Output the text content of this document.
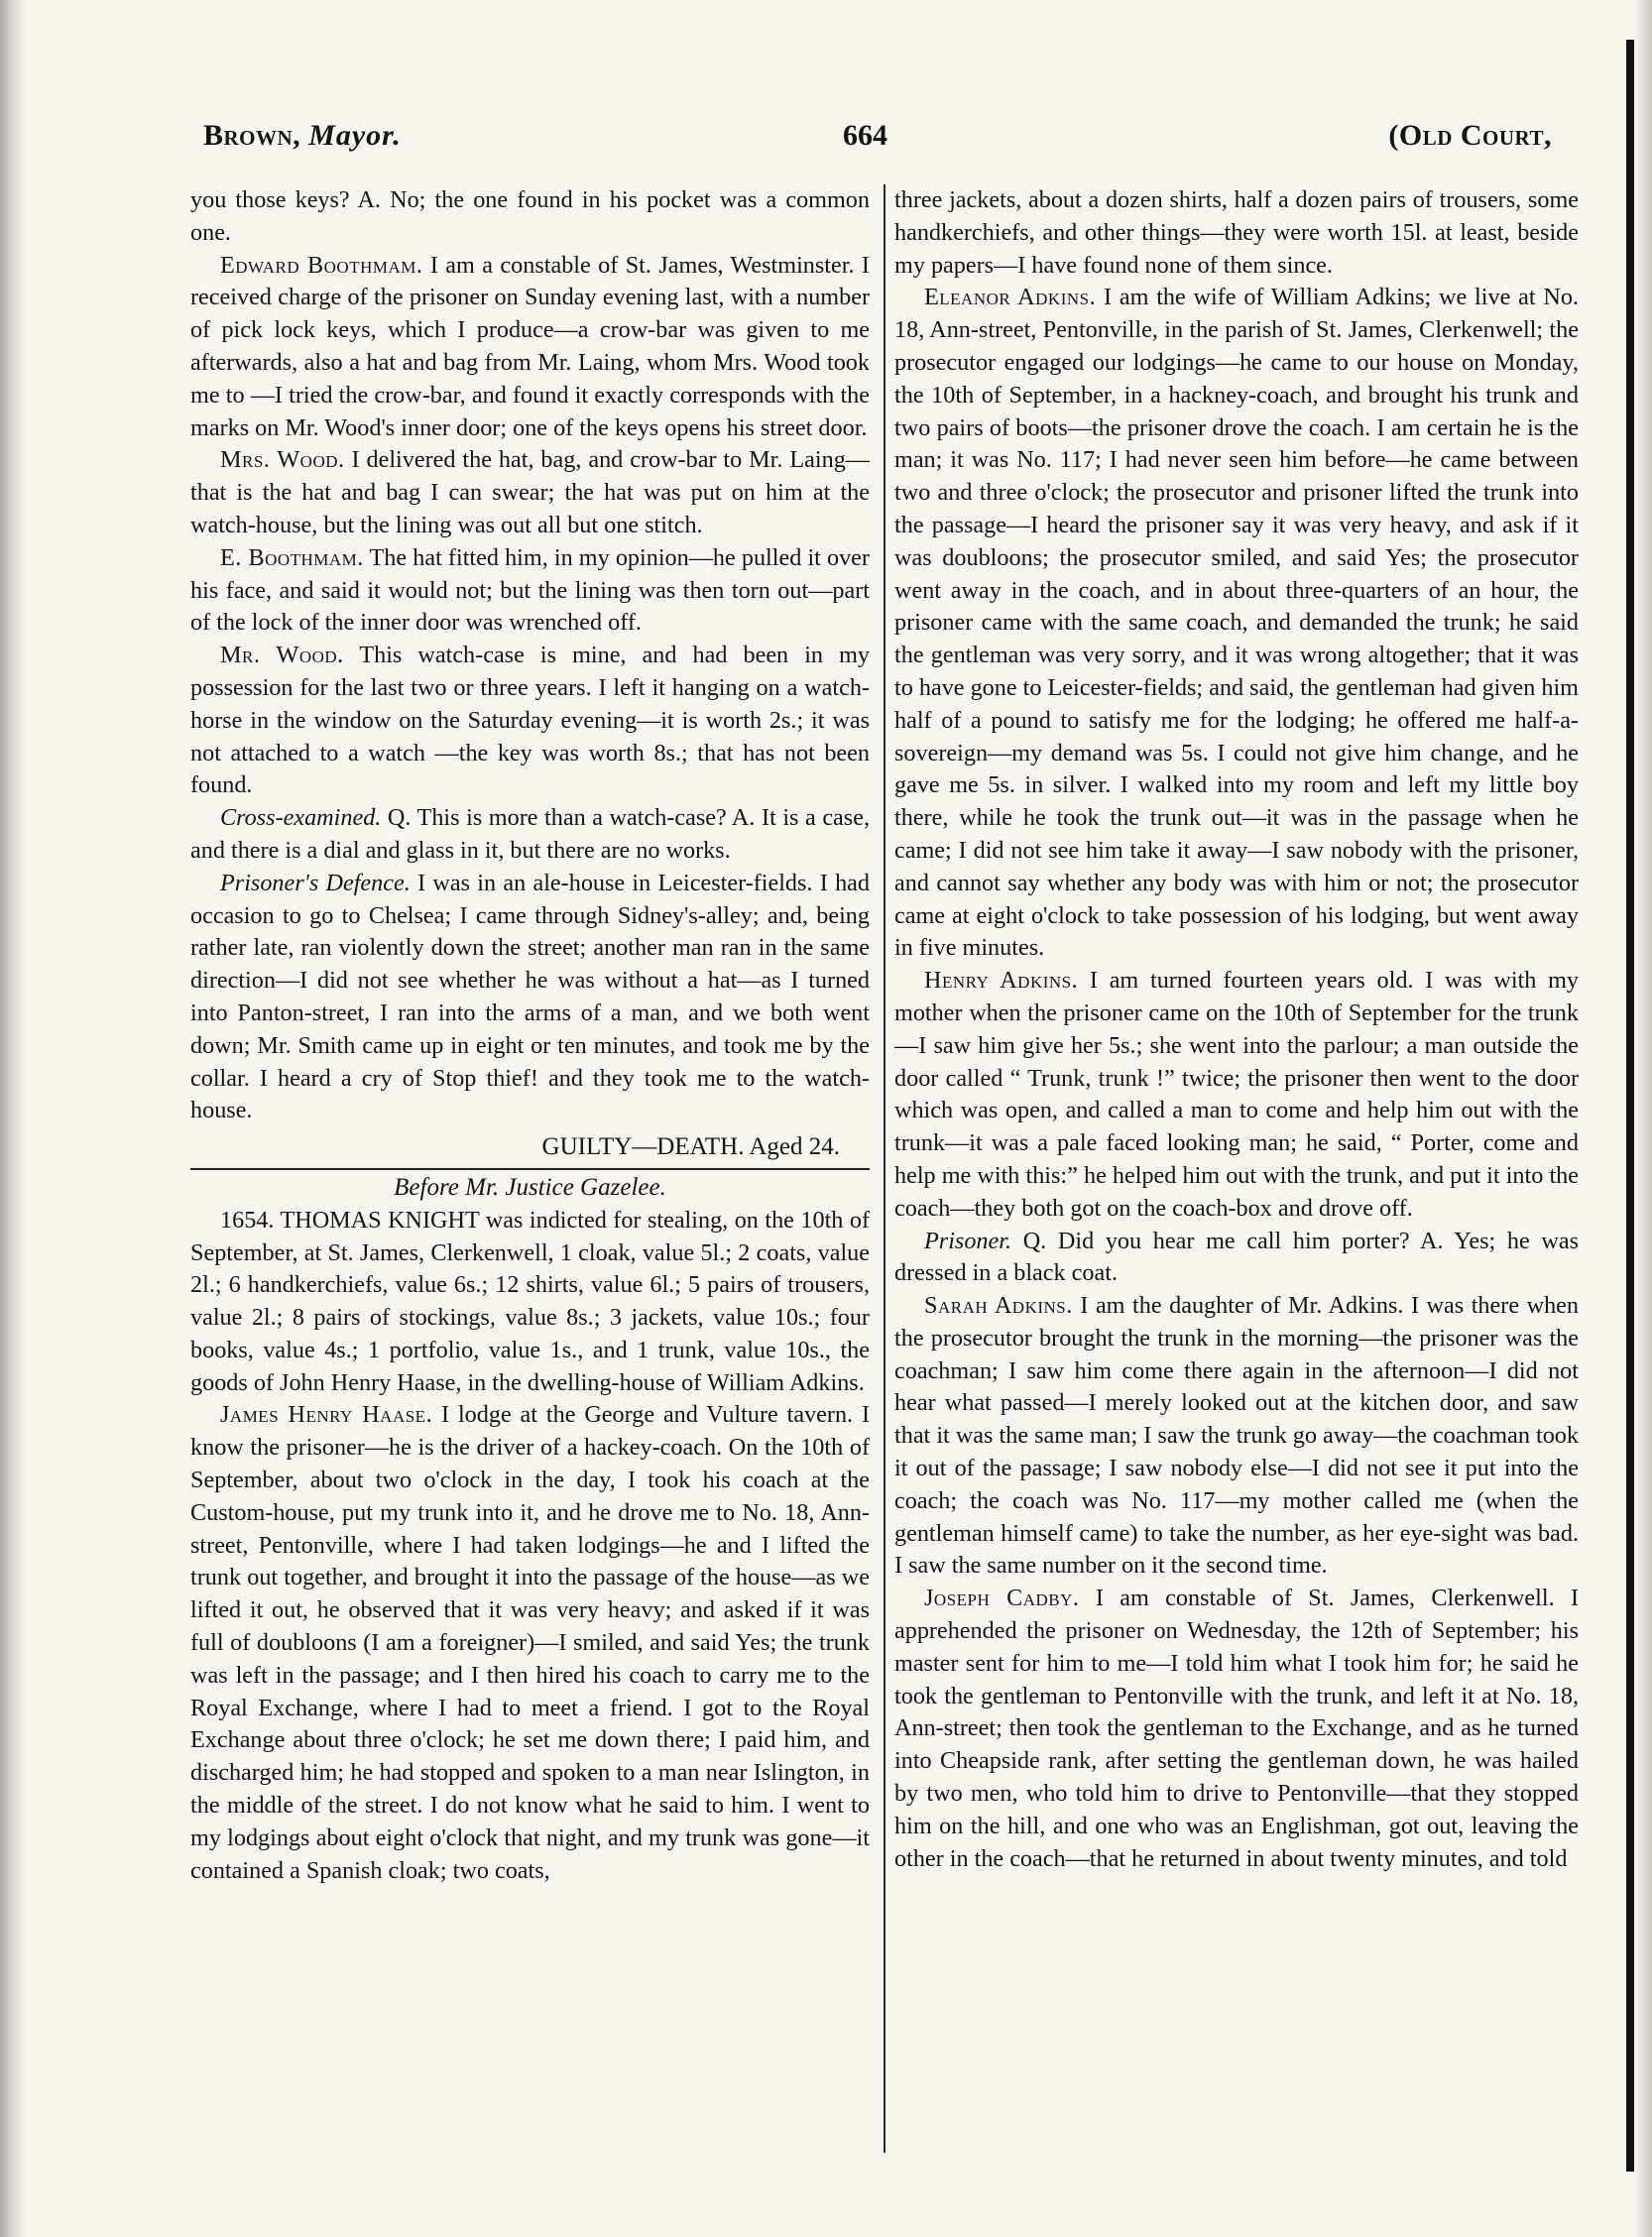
Brown, Mayor.	664	(Old Court,

you those keys? A. No; the one found in his pocket was a common one.

Edward Boothmam. I am a constable of St. James, Westminster. I received charge of the prisoner on Sunday evening last, with a number of pick lock keys, which I produce—a crow-bar was given to me afterwards, also a hat and bag from Mr. Laing, whom Mrs. Wood took me to —I tried the crow-bar, and found it exactly corresponds with the marks on Mr. Wood's inner door; one of the keys opens his street door.

Mrs. Wood. I delivered the hat, bag, and crow-bar to Mr. Laing—that is the hat and bag I can swear; the hat was put on him at the watch-house, but the lining was out all but one stitch.

E. Boothmam. The hat fitted him, in my opinion—he pulled it over his face, and said it would not; but the lining was then torn out—part of the lock of the inner door was wrenched off.

Mr. Wood. This watch-case is mine, and had been in my possession for the last two or three years. I left it hanging on a watch-horse in the window on the Saturday evening—it is worth 2s.; it was not attached to a watch —the key was worth 8s.; that has not been found.

Cross-examined. Q. This is more than a watch-case? A. It is a case, and there is a dial and glass in it, but there are no works.

Prisoner's Defence. I was in an ale-house in Leicester-fields. I had occasion to go to Chelsea; I came through Sidney's-alley; and, being rather late, ran violently down the street; another man ran in the same direction—I did not see whether he was without a hat—as I turned into Panton-street, I ran into the arms of a man, and we both went down; Mr. Smith came up in eight or ten minutes, and took me by the collar. I heard a cry of Stop thief! and they took me to the watch-house.

GUILTY—DEATH. Aged 24.
Before Mr. Justice Gazelee.

1654. THOMAS KNIGHT was indicted for stealing, on the 10th of September, at St. James, Clerkenwell, 1 cloak, value 5l.; 2 coats, value 2l.; 6 handkerchiefs, value 6s.; 12 shirts, value 6l.; 5 pairs of trousers, value 2l.; 8 pairs of stockings, value 8s.; 3 jackets, value 10s.; four books, value 4s.; 1 portfolio, value 1s., and 1 trunk, value 10s., the goods of John Henry Haase, in the dwelling-house of William Adkins.

James Henry Haase. I lodge at the George and Vulture tavern. I know the prisoner—he is the driver of a hackey-coach. On the 10th of September, about two o'clock in the day, I took his coach at the Custom-house, put my trunk into it, and he drove me to No. 18, Ann-street, Pentonville, where I had taken lodgings—he and I lifted the trunk out together, and brought it into the passage of the house—as we lifted it out, he observed that it was very heavy; and asked if it was full of doubloons (I am a foreigner)—I smiled, and said Yes; the trunk was left in the passage; and I then hired his coach to carry me to the Royal Exchange, where I had to meet a friend. I got to the Royal Exchange about three o'clock; he set me down there; I paid him, and discharged him; he had stopped and spoken to a man near Islington, in the middle of the street. I do not know what he said to him. I went to my lodgings about eight o'clock that night, and my trunk was gone—it contained a Spanish cloak; two coats,

three jackets, about a dozen shirts, half a dozen pairs of trousers, some handkerchiefs, and other things—they were worth 15l. at least, beside my papers—I have found none of them since.

Eleanor Adkins. I am the wife of William Adkins; we live at No. 18, Ann-street, Pentonville, in the parish of St. James, Clerkenwell; the prosecutor engaged our lodgings—he came to our house on Monday, the 10th of September, in a hackney-coach, and brought his trunk and two pairs of boots—the prisoner drove the coach. I am certain he is the man; it was No. 117; I had never seen him before—he came between two and three o'clock; the prosecutor and prisoner lifted the trunk into the passage—I heard the prisoner say it was very heavy, and ask if it was doubloons; the prosecutor smiled, and said Yes; the prosecutor went away in the coach, and in about three-quarters of an hour, the prisoner came with the same coach, and demanded the trunk; he said the gentleman was very sorry, and it was wrong altogether; that it was to have gone to Leicester-fields; and said, the gentleman had given him half of a pound to satisfy me for the lodging; he offered me half-a-sovereign—my demand was 5s. I could not give him change, and he gave me 5s. in silver. I walked into my room and left my little boy there, while he took the trunk out—it was in the passage when he came; I did not see him take it away—I saw nobody with the prisoner, and cannot say whether any body was with him or not; the prosecutor came at eight o'clock to take possession of his lodging, but went away in five minutes.

Henry Adkins. I am turned fourteen years old. I was with my mother when the prisoner came on the 10th of September for the trunk—I saw him give her 5s.; she went into the parlour; a man outside the door called “ Trunk, trunk !” twice; the prisoner then went to the door which was open, and called a man to come and help him out with the trunk—it was a pale faced looking man; he said, “ Porter, come and help me with this:” he helped him out with the trunk, and put it into the coach—they both got on the coach-box and drove off.

Prisoner. Q. Did you hear me call him porter? A. Yes; he was dressed in a black coat.

Sarah Adkins. I am the daughter of Mr. Adkins. I was there when the prosecutor brought the trunk in the morning—the prisoner was the coachman; I saw him come there again in the afternoon—I did not hear what passed—I merely looked out at the kitchen door, and saw that it was the same man; I saw the trunk go away—the coachman took it out of the passage; I saw nobody else—I did not see it put into the coach; the coach was No. 117—my mother called me (when the gentleman himself came) to take the number, as her eye-sight was bad. I saw the same number on it the second time.

Joseph Cadby. I am constable of St. James, Clerkenwell. I apprehended the prisoner on Wednesday, the 12th of September; his master sent for him to me—I told him what I took him for; he said he took the gentleman to Pentonville with the trunk, and left it at No. 18, Ann-street; then took the gentleman to the Exchange, and as he turned into Cheapside rank, after setting the gentleman down, he was hailed by two men, who told him to drive to Pentonville—that they stopped him on the hill, and one who was an Englishman, got out, leaving the other in the coach—that he returned in about twenty minutes, and told
